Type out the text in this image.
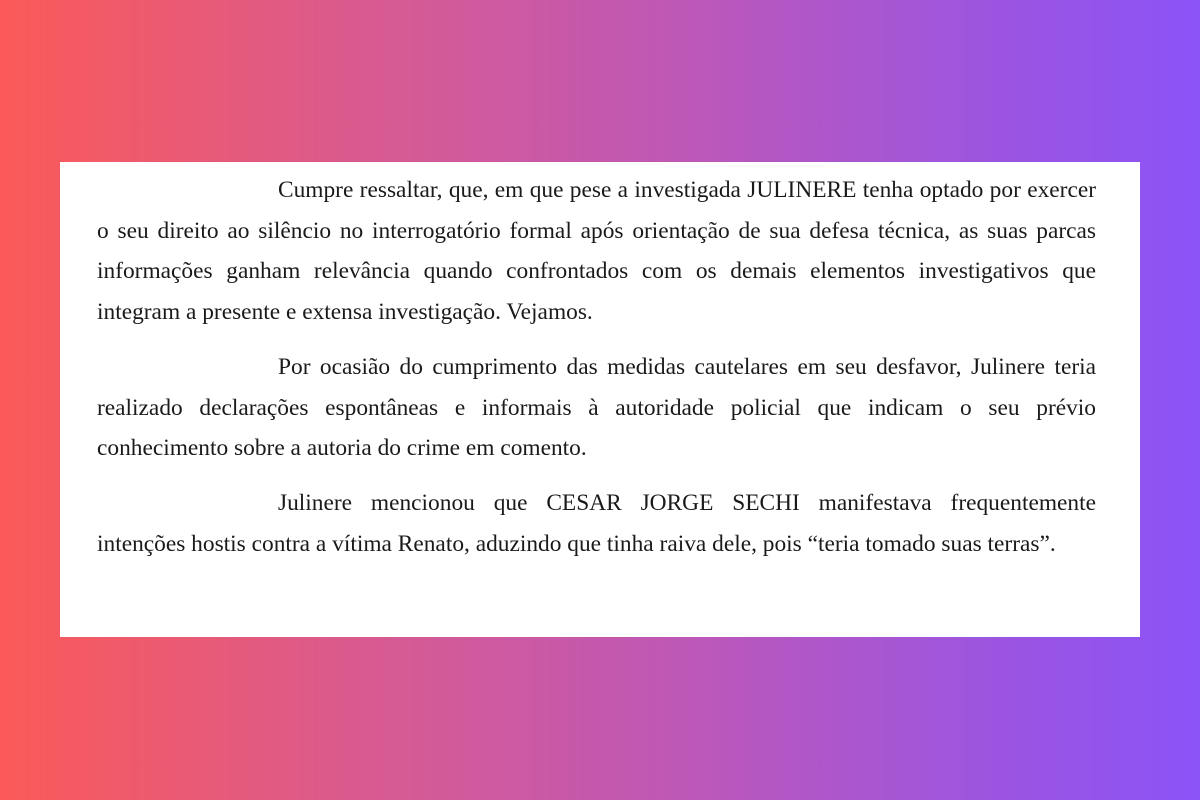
Cumpre ressaltar, que, em que pese a investigada JULINERE tenha optado por exercer o seu direito ao silêncio no interrogatório formal após orientação de sua defesa técnica, as suas parcas informações ganham relevância quando confrontados com os demais elementos investigativos que integram a presente e extensa investigação. Vejamos.

Por ocasião do cumprimento das medidas cautelares em seu desfavor, Julinere teria realizado declarações espontâneas e informais à autoridade policial que indicam o seu prévio conhecimento sobre a autoria do crime em comento.

Julinere mencionou que CESAR JORGE SECHI manifestava frequentemente intenções hostis contra a vítima Renato, aduzindo que tinha raiva dele, pois “teria tomado suas terras”.
